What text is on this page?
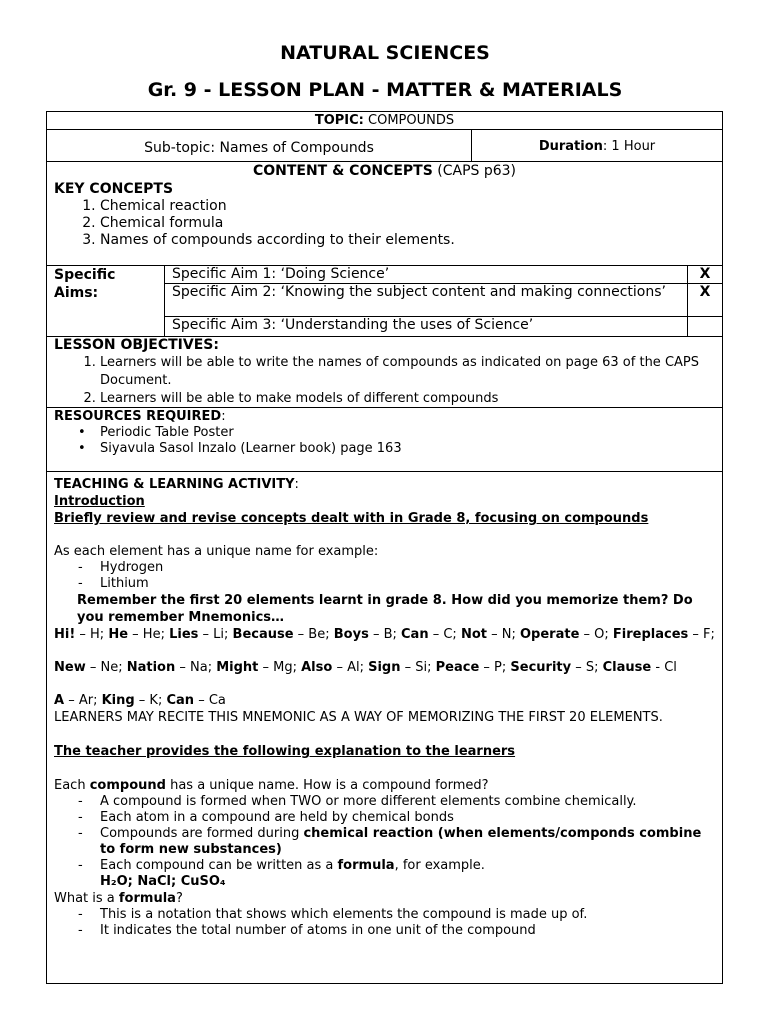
NATURAL SCIENCES
Gr. 9 - LESSON PLAN - MATTER & MATERIALS
TOPIC: COMPOUNDS
Sub-topic: Names of Compounds	Duration: 1 Hour
CONTENT & CONCEPTS (CAPS p63)
KEY CONCEPTS
1. Chemical reaction
2. Chemical formula
3. Names of compounds according to their elements.
Specific Aims:
Specific Aim 1: ‘Doing Science’	X
Specific Aim 2: ‘Knowing the subject content and making connections’	X
Specific Aim 3: ‘Understanding the uses of Science’
LESSON OBJECTIVES:
1. Learners will be able to write the names of compounds as indicated on page 63 of the CAPS Document.
2. Learners will be able to make models of different compounds
RESOURCES REQUIRED:
• Periodic Table Poster
• Siyavula Sasol Inzalo (Learner book) page 163

TEACHING & LEARNING ACTIVITY:

Introduction

Briefly review and revise concepts dealt with in Grade 8, focusing on compounds

As each element has a unique name for example:

- Hydrogen
- Lithium

Remember the first 20 elements learnt in grade 8. How did you memorize them? Do you remember Mnemonics…

Hi! – H; He – He; Lies – Li; Because – Be; Boys – B; Can – C; Not – N; Operate – O; Fireplaces – F;

New – Ne; Nation – Na; Might – Mg; Also – Al; Sign – Si; Peace – P; Security – S; Clause - Cl

A – Ar; King – K; Can – Ca

LEARNERS MAY RECITE THIS MNEMONIC AS A WAY OF MEMORIZING THE FIRST 20 ELEMENTS.

The teacher provides the following explanation to the learners

Each compound has a unique name. How is a compound formed?

- A compound is formed when TWO or more different elements combine chemically.
- Each atom in a compound are held by chemical bonds
- Compounds are formed during chemical reaction (when elements/componds combine to form new substances)
- Each compound can be written as a formula, for example.
H₂O; NaCl; CuSO₄

What is a formula?

- This is a notation that shows which elements the compound is made up of.
- It indicates the total number of atoms in one unit of the compound
